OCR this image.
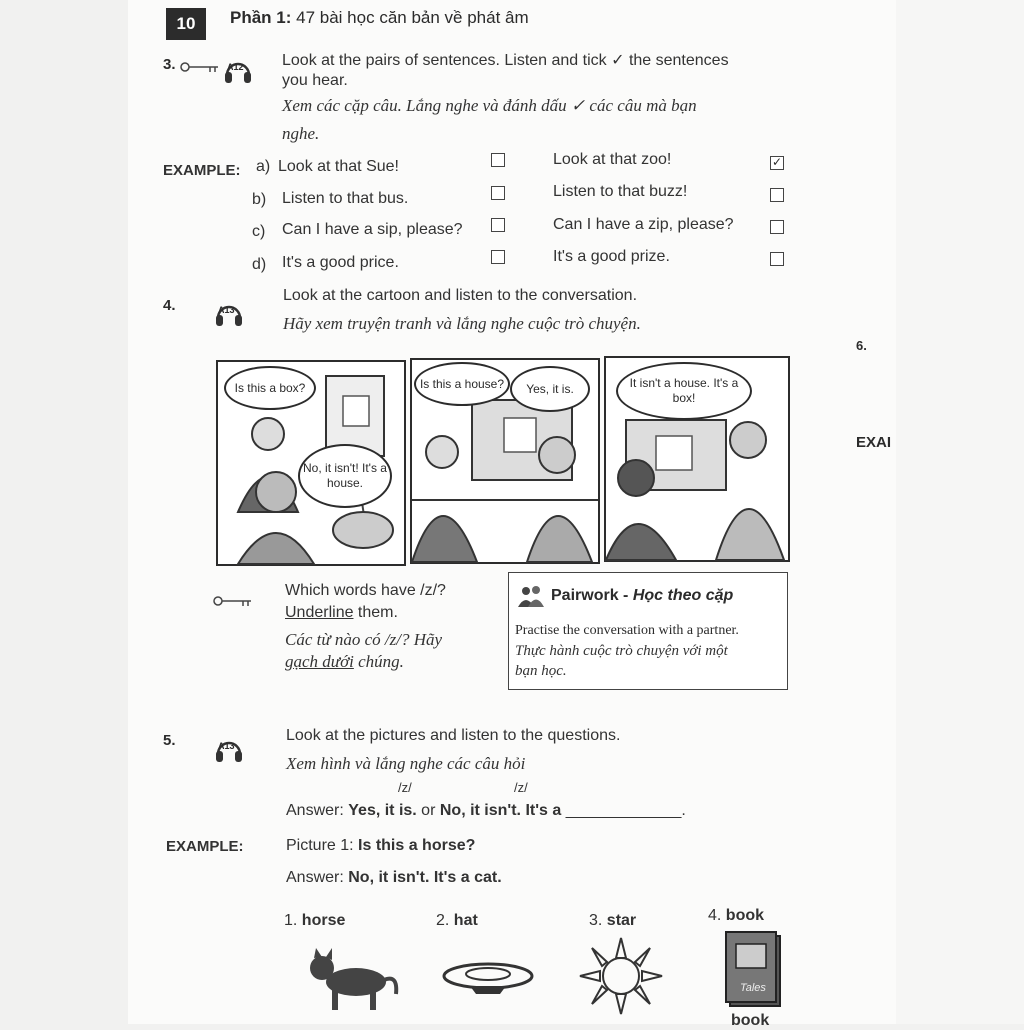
10	Phần 1: 47 bài học căn bản về phát âm
3.	A12 Look at the pairs of sentences. Listen and tick ✓ the sentences
you hear.
Xem các cặp câu. Lắng nghe và đánh dấu ✓ các câu mà bạn
nghe.
EXAMPLE: a) Look at that Sue!	Look at that zoo!	✓
b) Listen to that bus.	Listen to that buzz!
c) Can I have a sip, please?	Can I have a zip, please?
d) It's a good price.	It's a good prize.
4.	A13
Look at the cartoon and listen to the conversation.
Hãy xem truyện tranh và lắng nghe cuộc trò chuyện.
Is this a box?
No, it isn't! It's a house.
Is this a house?	Yes, it is.	It isn't a house. It's a box!
Which words have /z/?
Underline them.
Các từ nào có /z/? Hãy
gạch dưới chúng.
Pairwork - Học theo cặp
Practise the conversation with a partner.
Thực hành cuộc trò chuyện với một
bạn học.
5.	A13
Look at the pictures and listen to the questions.
Xem hình và lắng nghe các câu hỏi
/z/	/z/
Answer: Yes, it is. or No, it isn't. It's a _____________.
EXAMPLE:	Picture 1: Is this a horse?
Answer: No, it isn't. It's a cat.
1. horse	2. hat	3. star	4. book
Tales
book
6.
EXAI
